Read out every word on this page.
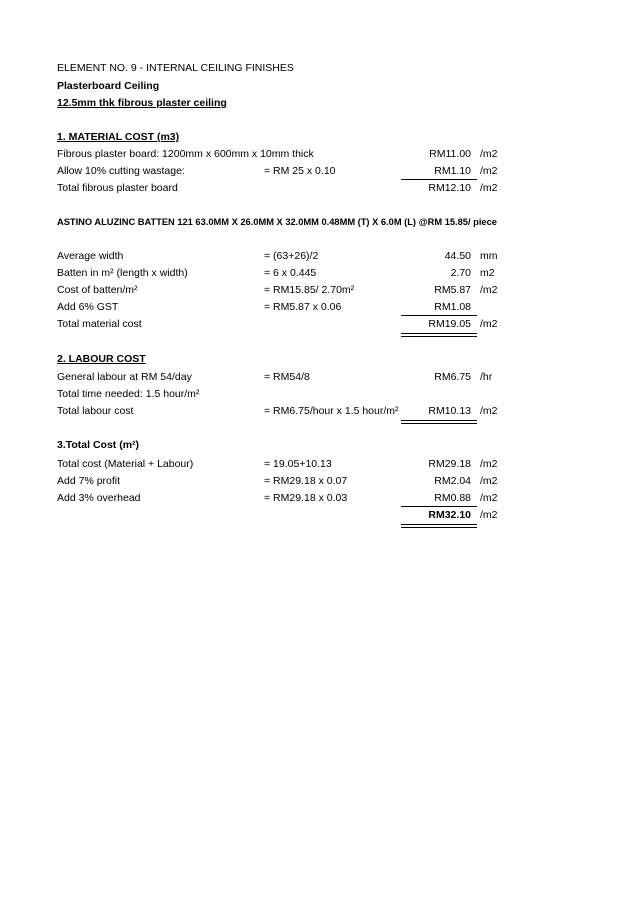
ELEMENT NO. 9 - INTERNAL CEILING FINISHES
Plasterboard Ceiling
12.5mm thk fibrous plaster ceiling
1. MATERIAL COST (m3)
Fibrous plaster board: 1200mm x 600mm x 10mm thick	RM11.00 /m2
Allow 10% cutting wastage:	= RM 25 x 0.10	RM1.10 /m2
Total fibrous plaster board	RM12.10 /m2
ASTINO ALUZINC BATTEN 121 63.0MM X 26.0MM X 32.0MM 0.48MM (T) X 6.0M (L) @RM 15.85/ piece
Average width	= (63+26)/2	44.50 mm
Batten in m² (length x width)	= 6 x 0.445	2.70 m2
Cost of batten/m²	= RM15.85/ 2.70m²	RM5.87 /m2
Add 6% GST	= RM5.87 x 0.06	RM1.08
Total material cost	RM19.05 /m2
2. LABOUR COST
General labour at RM 54/day	= RM54/8	RM6.75 /hr
Total time needed: 1.5 hour/m²
Total labour cost	= RM6.75/hour x 1.5 hour/m²	RM10.13 /m2
3.Total Cost (m²)
Total cost (Material + Labour)	= 19.05+10.13	RM29.18 /m2
Add 7% profit	= RM29.18 x 0.07	RM2.04 /m2
Add 3% overhead	= RM29.18 x 0.03	RM0.88 /m2
RM32.10 /m2
